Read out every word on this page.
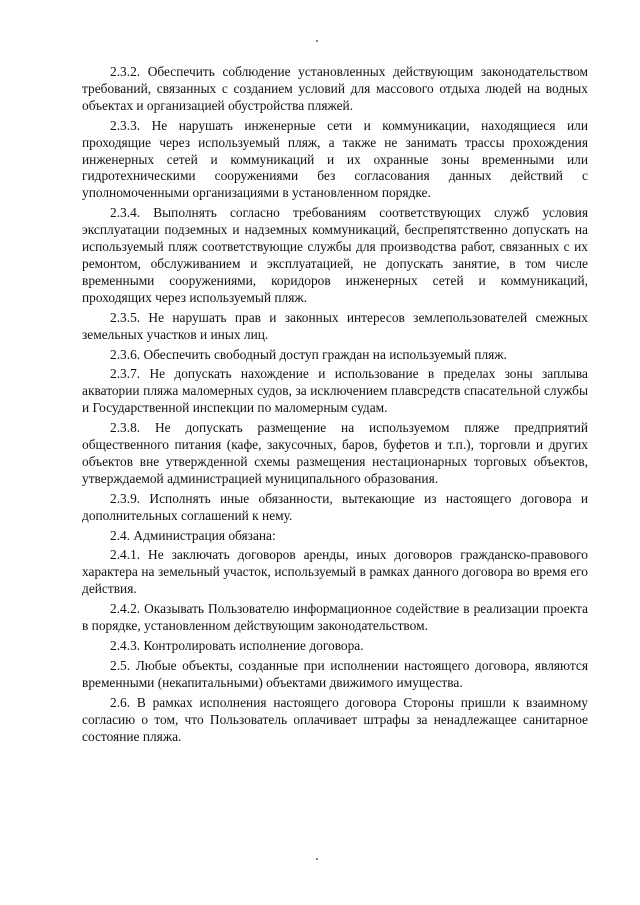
2.3.2. Обеспечить соблюдение установленных действующим законодательством требований, связанных с созданием условий для массового отдыха людей на водных объектах и организацией обустройства пляжей.

2.3.3. Не нарушать инженерные сети и коммуникации, находящиеся или проходящие через используемый пляж, а также не занимать трассы прохождения инженерных сетей и коммуникаций и их охранные зоны временными или гидротехническими сооружениями без согласования данных действий с уполномоченными организациями в установленном порядке.

2.3.4. Выполнять согласно требованиям соответствующих служб условия эксплуатации подземных и надземных коммуникаций, беспрепятственно допускать на используемый пляж соответствующие службы для производства работ, связанных с их ремонтом, обслуживанием и эксплуатацией, не допускать занятие, в том числе временными сооружениями, коридоров инженерных сетей и коммуникаций, проходящих через используемый пляж.

2.3.5. Не нарушать прав и законных интересов землепользователей смежных земельных участков и иных лиц.

2.3.6. Обеспечить свободный доступ граждан на используемый пляж.

2.3.7. Не допускать нахождение и использование в пределах зоны заплыва акватории пляжа маломерных судов, за исключением плавсредств спасательной службы и Государственной инспекции по маломерным судам.

2.3.8. Не допускать размещение на используемом пляже предприятий общественного питания (кафе, закусочных, баров, буфетов и т.п.), торговли и других объектов вне утвержденной схемы размещения нестационарных торговых объектов, утверждаемой администрацией муниципального образования.

2.3.9. Исполнять иные обязанности, вытекающие из настоящего договора и дополнительных соглашений к нему.

2.4. Администрация обязана:

2.4.1. Не заключать договоров аренды, иных договоров гражданско-правового характера на земельный участок, используемый в рамках данного договора во время его действия.

2.4.2. Оказывать Пользователю информационное содействие в реализации проекта в порядке, установленном действующим законодательством.

2.4.3. Контролировать исполнение договора.

2.5. Любые объекты, созданные при исполнении настоящего договора, являются временными (некапитальными) объектами движимого имущества.

2.6. В рамках исполнения настоящего договора Стороны пришли к взаимному согласию о том, что Пользователь оплачивает штрафы за ненадлежащее санитарное состояние пляжа.
